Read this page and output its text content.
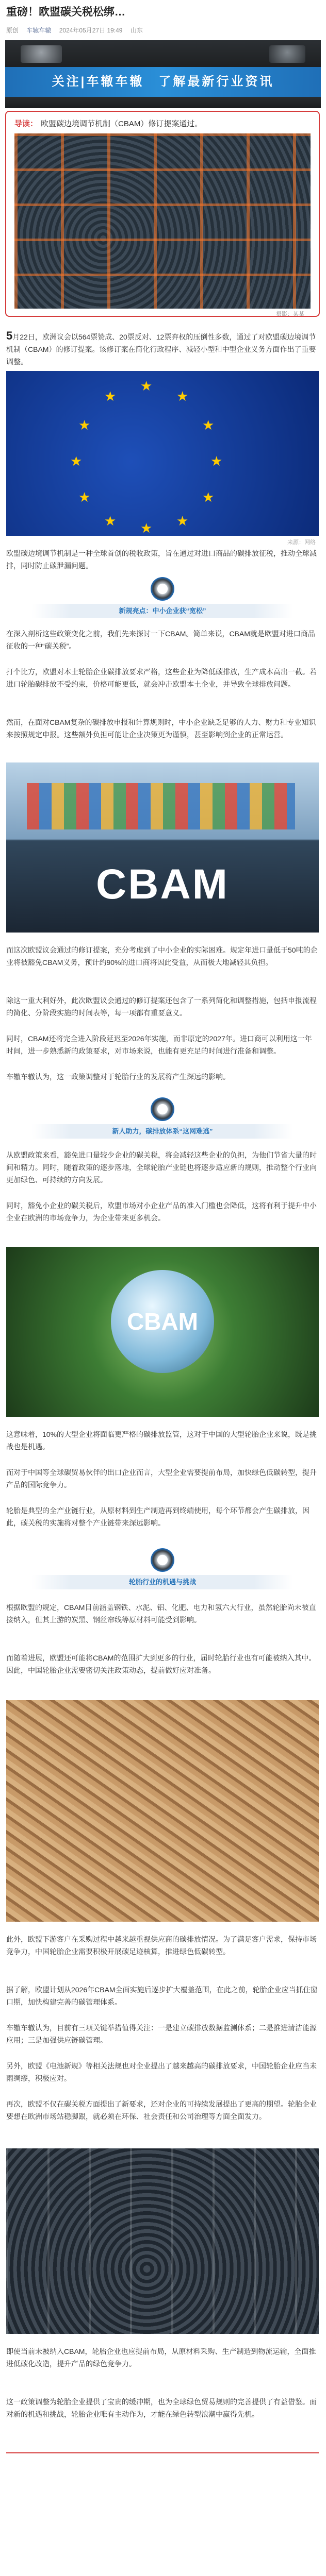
重磅！欧盟碳关税松绑…
原创 车辕车辙 2024年05月27日 19:49 山东
关注|车辙车辙　了解最新行业资讯
导读： 欧盟碳边境调节机制（CBAM）修订提案通过。
摄影：某某

5月22日，欧洲议会以564票赞成、20票反对、12票弃权的压倒性多数，通过了对欧盟碳边境调节机制（CBAM）的修订提案。该修订案在简化行政程序、减轻小型和中型企业义务方面作出了重要调整。

★
★
★
★
★
★
★
★
★
★
★
★
来源：网络

欧盟碳边境调节机制是一种全球首创的税收政策，旨在通过对进口商品的碳排放征税，推动全球减排，同时防止碳泄漏问题。

新规亮点：中小企业获“宽松”

在深入剖析这些政策变化之前，我们先来探讨一下CBAM。简单来说，CBAM就是欧盟对进口商品征收的一种“碳关税”。

打个比方，欧盟对本土轮胎企业碳排放要求严格，这些企业为降低碳排放，生产成本高出一截。若进口轮胎碳排放不受约束，价格可能更低，就会冲击欧盟本土企业，并导致全球排放问题。

然而，在面对CBAM复杂的碳排放申报和计算规则时，中小企业缺乏足够的人力、财力和专业知识来按照规定申报。这些额外负担可能让企业决策更为谨慎，甚至影响到企业的正常运营。

CBAM

而这次欧盟议会通过的修订提案，充分考虑到了中小企业的实际困难。规定年进口量低于50吨的企业将被豁免CBAM义务，预计约90%的进口商将因此受益，从而极大地减轻其负担。

除这一重大利好外，此次欧盟议会通过的修订提案还包含了一系列简化和调整措施，包括申报流程的简化、分阶段实施的时间表等，每一项都有重要意义。

同时，CBAM还将完全进入阶段延迟至2026年实施，而非原定的2027年。进口商可以利用这一年时间，进一步熟悉新的政策要求，对市场来说，也能有更充足的时间进行准备和调整。

车辙车辙认为，这一政策调整对于轮胎行业的发展将产生深远的影响。

新人助力，碳排放体系“这网难逃”

从欧盟政策来看，豁免进口量较少企业的碳关税，将会减轻这些企业的负担，为他们节省大量的时间和精力。同时，随着政策的逐步落地，全球轮胎产业链也将逐步适应新的规则，推动整个行业向更加绿色、可持续的方向发展。

同时，豁免小企业的碳关税后，欧盟市场对小企业产品的准入门槛也会降低，这将有利于提升中小企业在欧洲的市场竞争力，为企业带来更多机会。

CBAM

这意味着，10%的大型企业将面临更严格的碳排放监管，这对于中国的大型轮胎企业来说，既是挑战也是机遇。

而对于中国等全球碳贸易伙伴的出口企业而言，大型企业需要提前布局，加快绿色低碳转型，提升产品的国际竞争力。

轮胎是典型的全产业链行业，从原材料到生产制造再到终端使用，每个环节都会产生碳排放，因此，碳关税的实施将对整个产业链带来深远影响。

轮胎行业的机遇与挑战

根据欧盟的规定，CBAM目前涵盖钢铁、水泥、铝、化肥、电力和氢六大行业，虽然轮胎尚未被直接纳入，但其上游的炭黑、钢丝帘线等原材料可能受到影响。

而随着进展，欧盟还可能将CBAM的范围扩大到更多的行业，届时轮胎行业也有可能被纳入其中。因此，中国轮胎企业需要密切关注政策动态，提前做好应对准备。

此外，欧盟下游客户在采购过程中越来越重视供应商的碳排放情况。为了满足客户需求，保持市场竞争力，中国轮胎企业需要积极开展碳足迹核算，推进绿色低碳转型。

据了解，欧盟计划从2026年CBAM全面实施后逐步扩大覆盖范围，在此之前，轮胎企业应当抓住窗口期，加快构建完善的碳管理体系。

车辙车辙认为，目前有三项关键举措值得关注：一是建立碳排放数据监测体系；二是推进清洁能源应用；三是加强供应链碳管理。

另外，欧盟《电池新规》等相关法规也对企业提出了越来越高的碳排放要求，中国轮胎企业应当未雨绸缪，积极应对。

再次，欧盟不仅在碳关税方面提出了新要求，还对企业的可持续发展提出了更高的期望。轮胎企业要想在欧洲市场站稳脚跟，就必须在环保、社会责任和公司治理等方面全面发力。

即使当前未被纳入CBAM，轮胎企业也应提前布局，从原材料采购、生产制造到物流运输，全面推进低碳化改造，提升产品的绿色竞争力。

这一政策调整为轮胎企业提供了宝贵的缓冲期，也为全球绿色贸易规则的完善提供了有益借鉴。面对新的机遇和挑战，轮胎企业唯有主动作为，才能在绿色转型浪潮中赢得先机。
